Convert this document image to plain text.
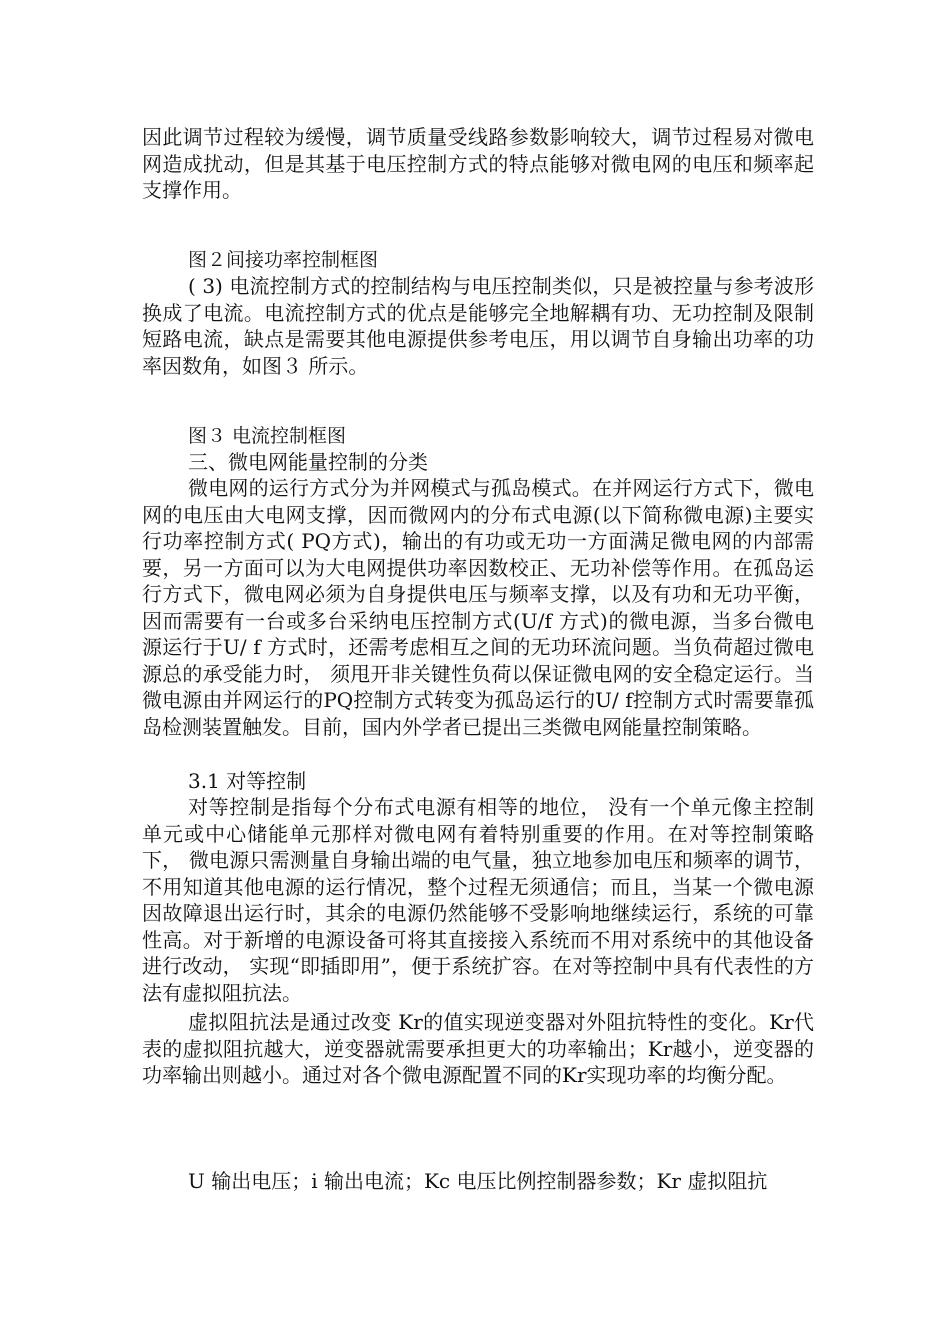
因此调节过程较为缓慢，调节质量受线路参数影响较大，调节过程易对微电网造成扰动，但是其基于电压控制方式的特点能够对微电网的电压和频率起支撑作用。

图２间接功率控制框图

( 3) 电流控制方式的控制结构与电压控制类似，只是被控量与参考波形换成了电流。电流控制方式的优点是能够完全地解耦有功、无功控制及限制短路电流，缺点是需要其他电源提供参考电压，用以调节自身输出功率的功率因数角，如图３ 所示。

图３ 电流控制框图

三、微电网能量控制的分类

微电网的运行方式分为并网模式与孤岛模式。在并网运行方式下，微电网的电压由大电网支撑，因而微网内的分布式电源(以下简称微电源)主要实行功率控制方式( PQ方式)，输出的有功或无功一方面满足微电网的内部需要，另一方面可以为大电网提供功率因数校正、无功补偿等作用。在孤岛运行方式下，微电网必须为自身提供电压与频率支撑，以及有功和无功平衡，因而需要有一台或多台采纳电压控制方式(U/f 方式)的微电源，当多台微电源运行于U/ f 方式时，还需考虑相互之间的无功环流问题。当负荷超过微电源总的承受能力时， 须甩开非关键性负荷以保证微电网的安全稳定运行。当微电源由并网运行的PQ控制方式转变为孤岛运行的U/ f控制方式时需要靠孤岛检测装置触发。目前，国内外学者已提出三类微电网能量控制策略。

3.1 对等控制

对等控制是指每个分布式电源有相等的地位， 没有一个单元像主控制单元或中心储能单元那样对微电网有着特别重要的作用。在对等控制策略下， 微电源只需测量自身输出端的电气量，独立地参加电压和频率的调节，不用知道其他电源的运行情况，整个过程无须通信；而且，当某一个微电源因故障退出运行时，其余的电源仍然能够不受影响地继续运行，系统的可靠性高。对于新增的电源设备可将其直接接入系统而不用对系统中的其他设备进行改动， 实现“即插即用”，便于系统扩容。在对等控制中具有代表性的方法有虚拟阻抗法。

虚拟阻抗法是通过改变 Kr的值实现逆变器对外阻抗特性的变化。Kr代表的虚拟阻抗越大，逆变器就需要承担更大的功率输出；Kr越小，逆变器的功率输出则越小。通过对各个微电源配置不同的Kr实现功率的均衡分配。

U 输出电压；i 输出电流；Kc 电压比例控制器参数；Kr 虚拟阻抗
